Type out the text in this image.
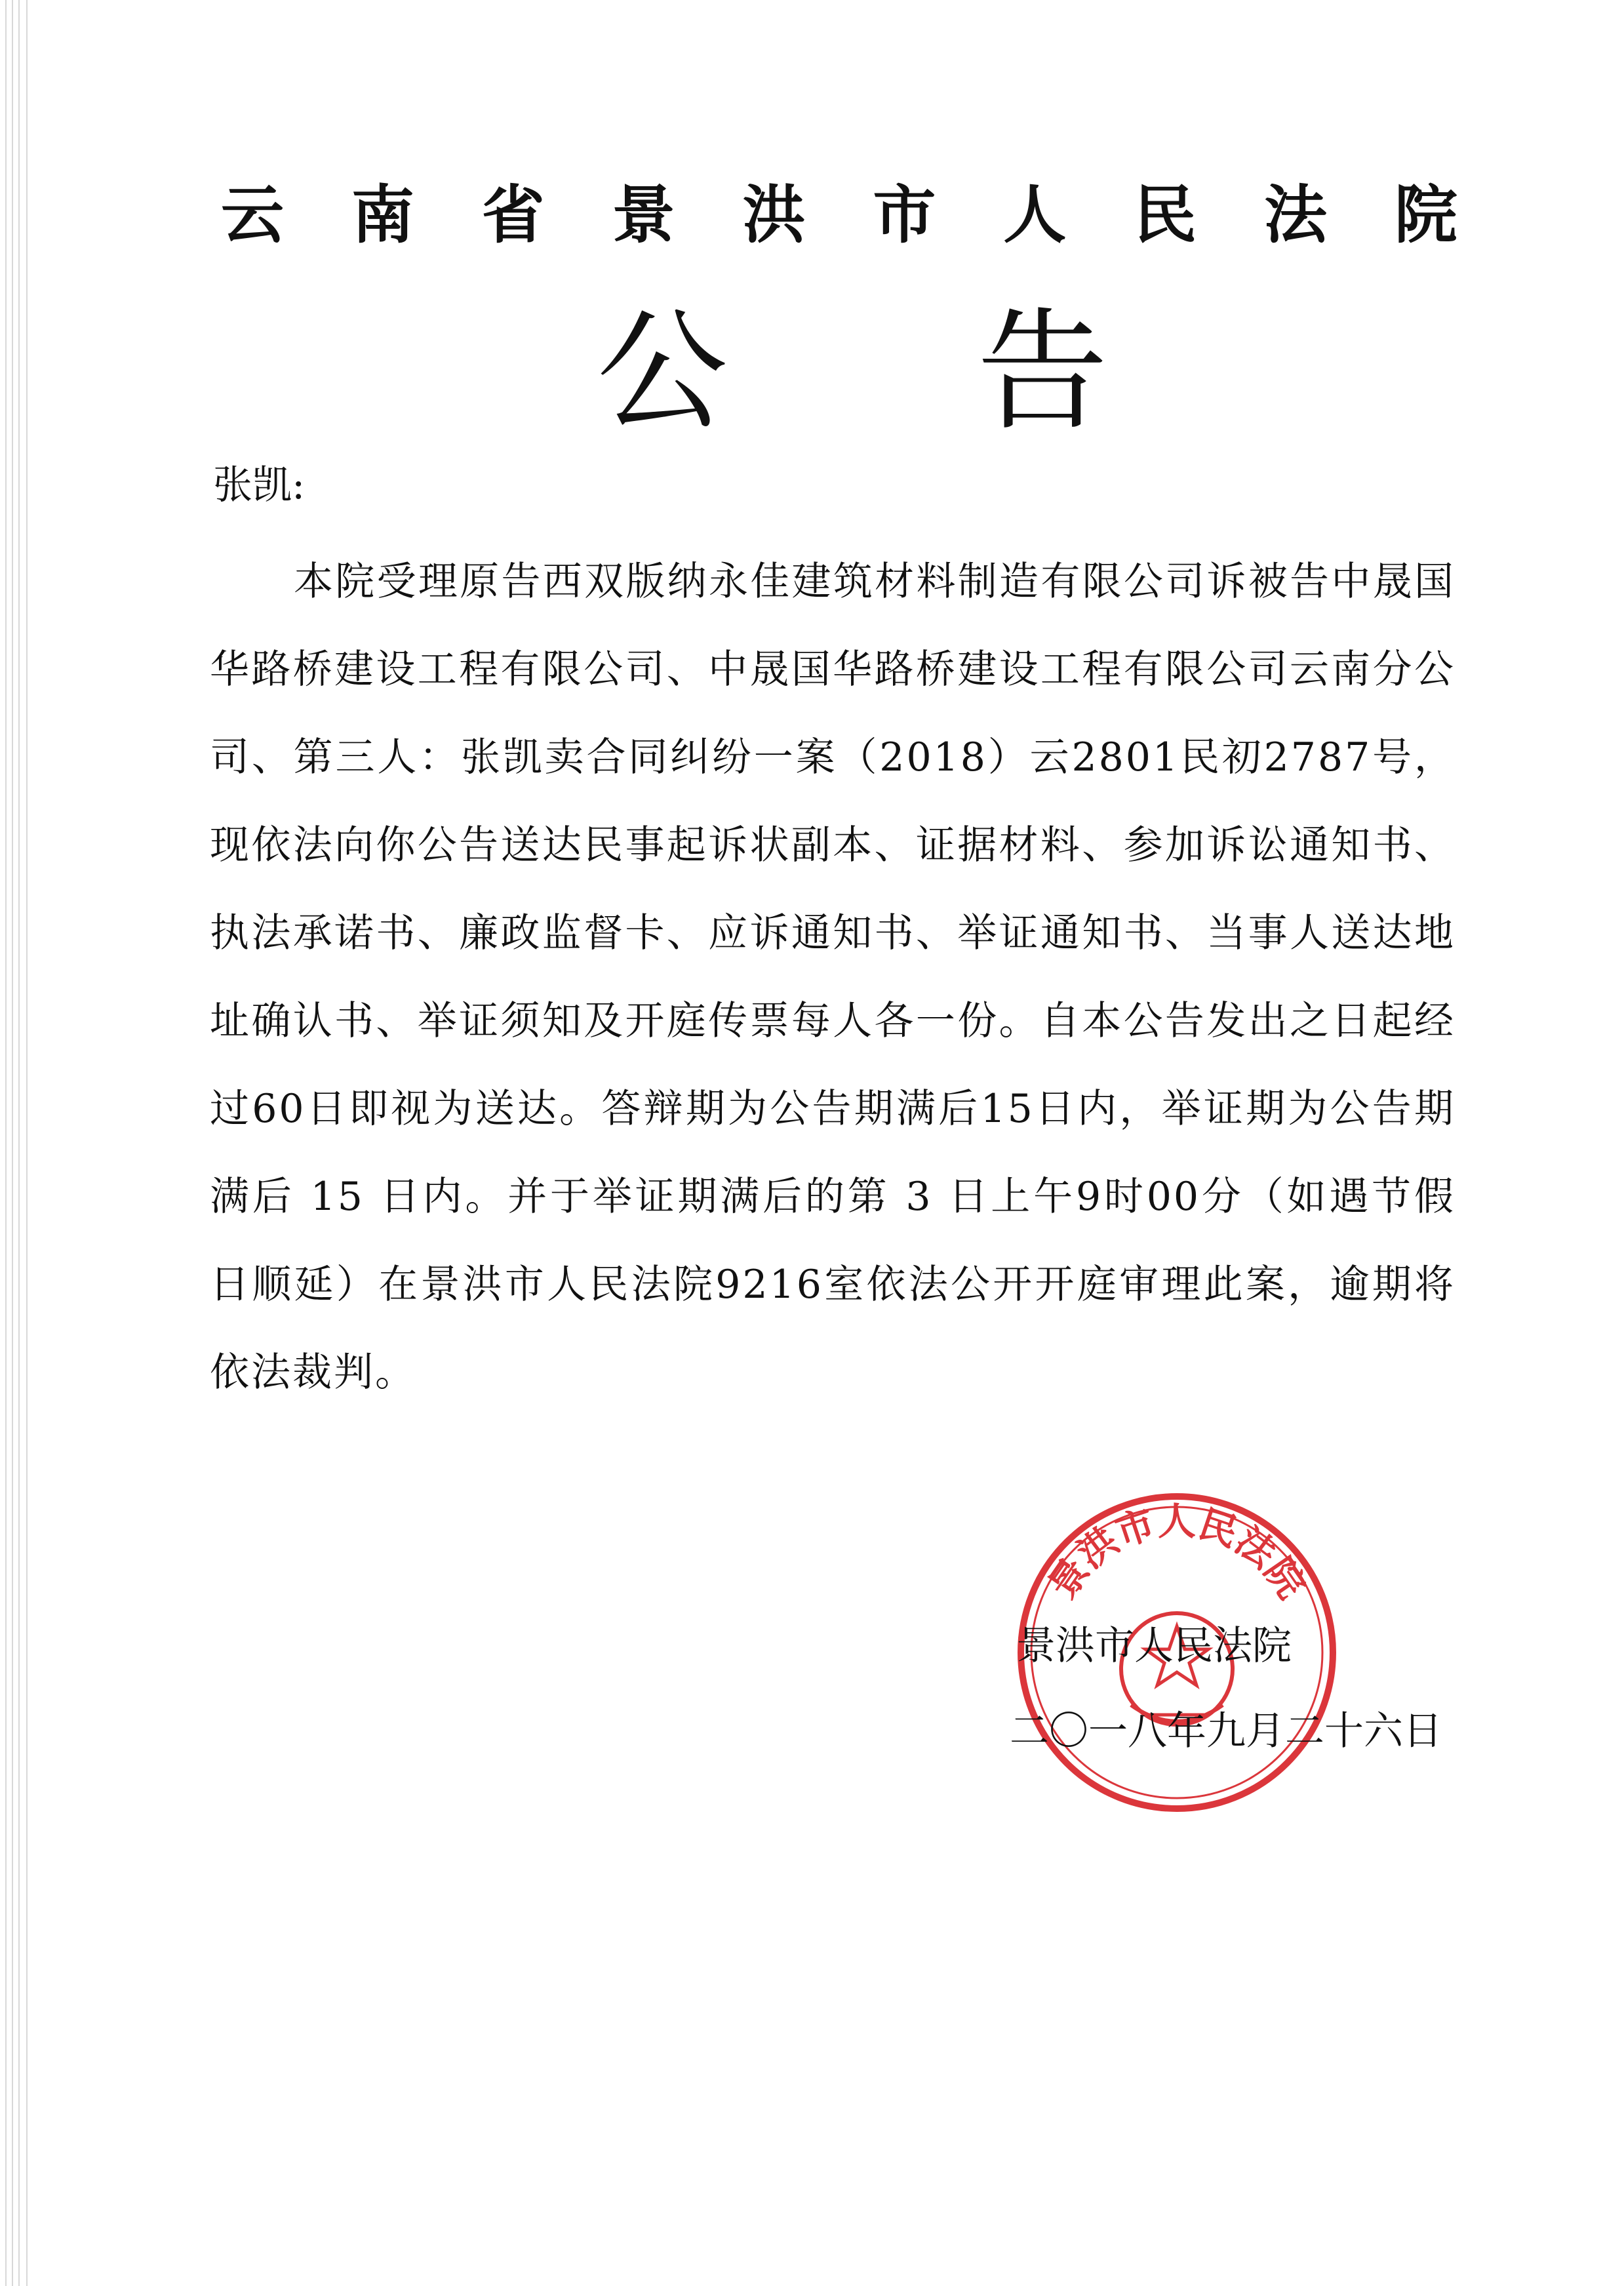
云 南 省 景 洪 市 人 民 法 院
公 告
张凯:
本院受理原告西双版纳永佳建筑材料制造有限公司诉被告中晟国华路桥建设工程有限公司、中晟国华路桥建设工程有限公司云南分公司、第三人：张凯卖合同纠纷一案（2018）云2801民初2787号，现依法向你公告送达民事起诉状副本、证据材料、参加诉讼通知书、执法承诺书、廉政监督卡、应诉通知书、举证通知书、当事人送达地址确认书、举证须知及开庭传票每人各一份。自本公告发出之日起经过60日即视为送达。答辩期为公告期满后15日内，举证期为公告期满后 15 日内。并于举证期满后的第 3 日上午9时00分（如遇节假日顺延）在景洪市人民法院9216室依法公开开庭审理此案，逾期将依法裁判。
景洪市人民法院
景洪市人民法院
二〇一八年九月二十六日
